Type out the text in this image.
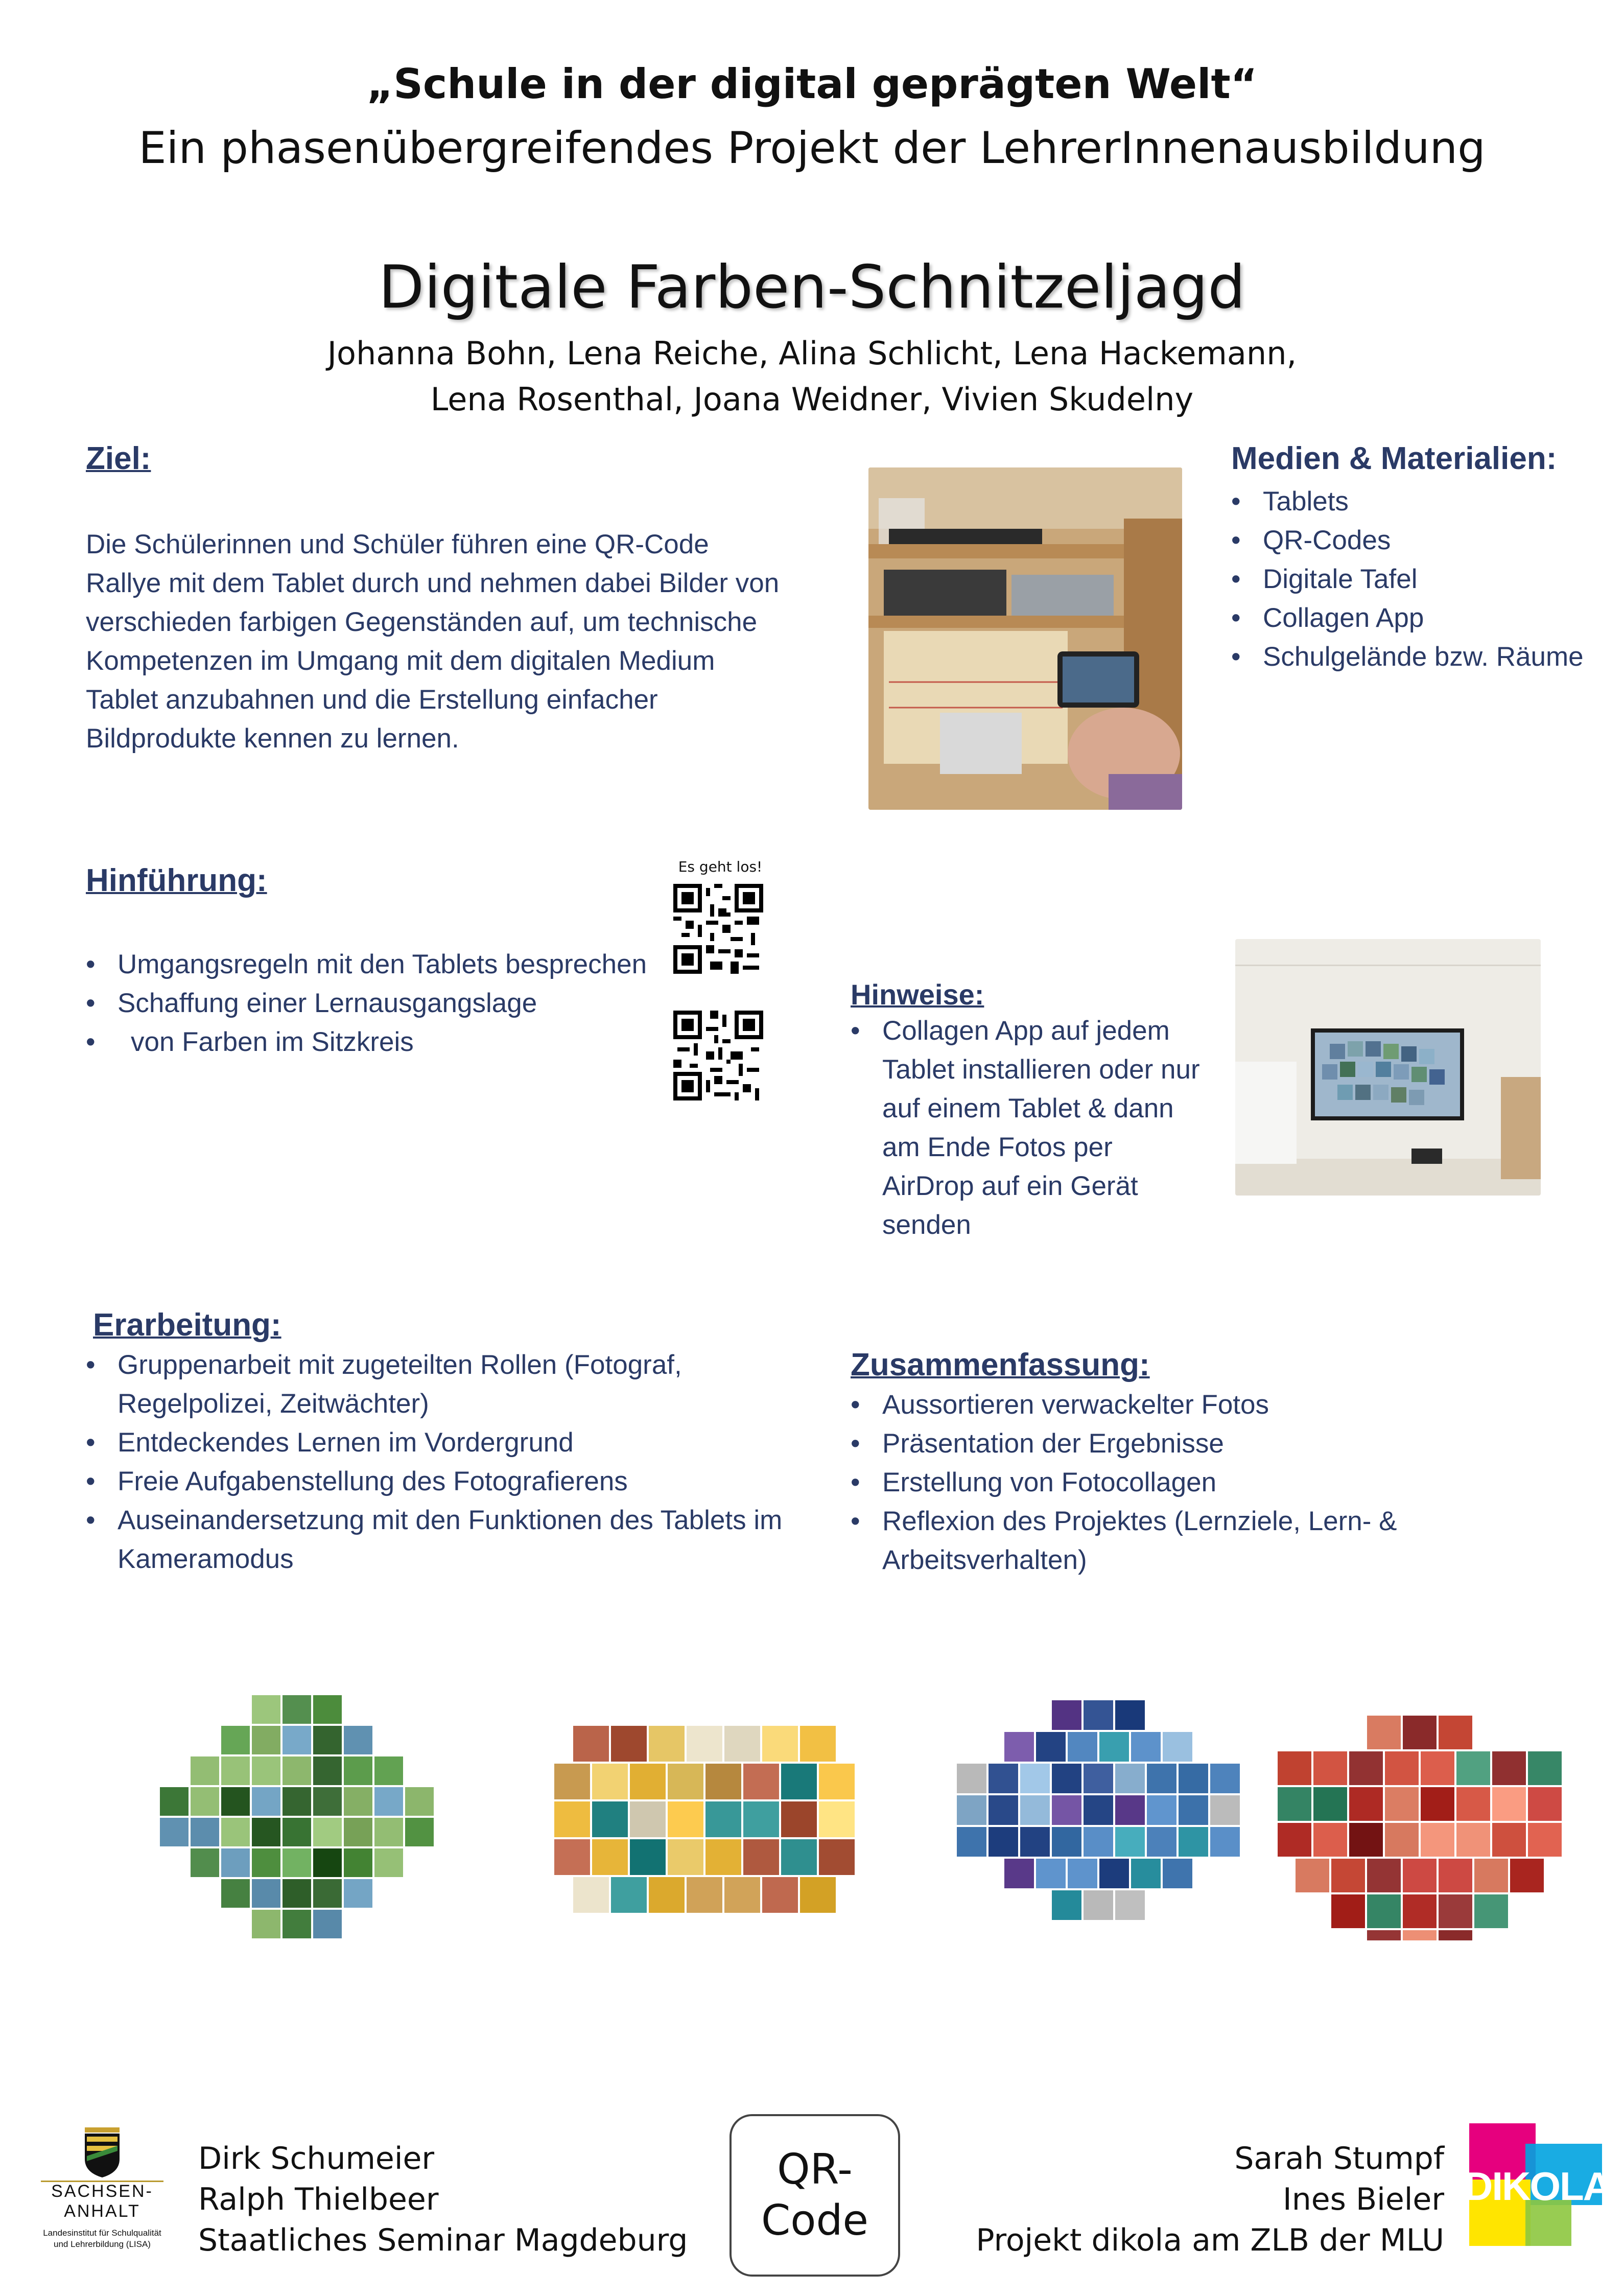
„Schule in der digital geprägten Welt“
Ein phasenübergreifendes Projekt der LehrerInnenausbildung
Digitale Farben-Schnitzeljagd
Johanna Bohn, Lena Reiche, Alina Schlicht, Lena Hackemann,
Lena Rosenthal, Joana Weidner, Vivien Skudelny
Ziel:
Die Schülerinnen und Schüler führen eine QR-Code Rallye mit dem Tablet durch und nehmen dabei Bilder von verschieden farbigen Gegenständen auf, um technische Kompetenzen im Umgang mit dem digitalen Medium Tablet anzubahnen und die Erstellung einfacher Bildprodukte kennen zu lernen.
Medien & Materialien:
• Tablets
• QR-Codes
• Digitale Tafel
• Collagen App
• Schulgelände bzw. Räume
Hinführung:
• Umgangsregeln mit den Tablets besprechen
• Schaffung einer Lernausgangslage
• von Farben im Sitzkreis
Es geht los!
Hinweise:
• Collagen App auf jedem Tablet installieren oder nur auf einem Tablet & dann am Ende Fotos per AirDrop auf ein Gerät senden
Erarbeitung:
• Gruppenarbeit mit zugeteilten Rollen (Fotograf, Regelpolizei, Zeitwächter)
• Entdeckendes Lernen im Vordergrund
• Freie Aufgabenstellung des Fotografierens
• Auseinandersetzung mit den Funktionen des Tablets im Kameramodus
Zusammenfassung:
• Aussortieren verwackelter Fotos
• Präsentation der Ergebnisse
• Erstellung von Fotocollagen
• Reflexion des Projektes (Lernziele, Lern- & Arbeitsverhalten)
SACHSEN-ANHALT
Landesinstitut für Schulqualität und Lehrerbildung (LISA)
Dirk Schumeier
Ralph Thielbeer
Staatliches Seminar Magdeburg
QR-
Code
Sarah Stumpf
Ines Bieler
Projekt dikola am ZLB der MLU
DIKOLA
